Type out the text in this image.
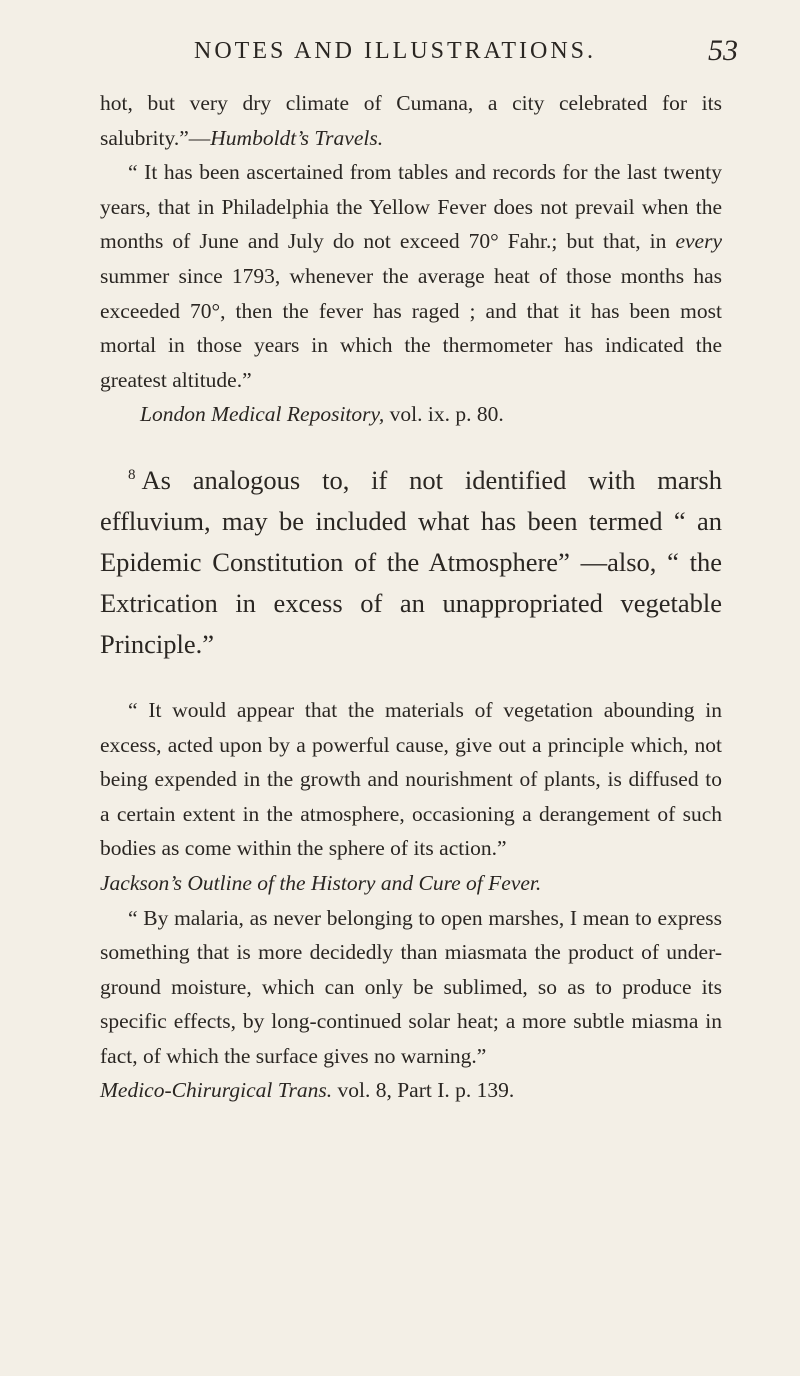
NOTES AND ILLUSTRATIONS.	53

hot, but very dry climate of Cumana, a city celebrated for its salubrity.”—Humboldt’s Travels.

“ It has been ascertained from tables and records for the last twenty years, that in Philadelphia the Yellow Fever does not prevail when the months of June and July do not exceed 70° Fahr.; but that, in every summer since 1793, whenever the average heat of those months has exceeded 70°, then the fever has raged ; and that it has been most mortal in those years in which the thermometer has indicated the greatest altitude.”

London Medical Repository, vol. ix. p. 80.

$^8$ As analogous to, if not identified with marsh effluvium, may be included what has been termed “ an Epidemic Constitution of the Atmosphere” —also, “ the Extrication in excess of an unappropriated vegetable Principle.”

“ It would appear that the materials of vegetation abounding in excess, acted upon by a powerful cause, give out a principle which, not being expended in the growth and nourishment of plants, is diffused to a certain extent in the atmosphere, occasioning a derangement of such bodies as come within the sphere of its action.”

Jackson’s Outline of the History and Cure of Fever.

“ By malaria, as never belonging to open marshes, I mean to express something that is more decidedly than miasmata the product of under-ground moisture, which can only be sublimed, so as to produce its specific effects, by long-continued solar heat; a more subtle miasma in fact, of which the surface gives no warning.”

Medico-Chirurgical Trans. vol. 8, Part I. p. 139.
